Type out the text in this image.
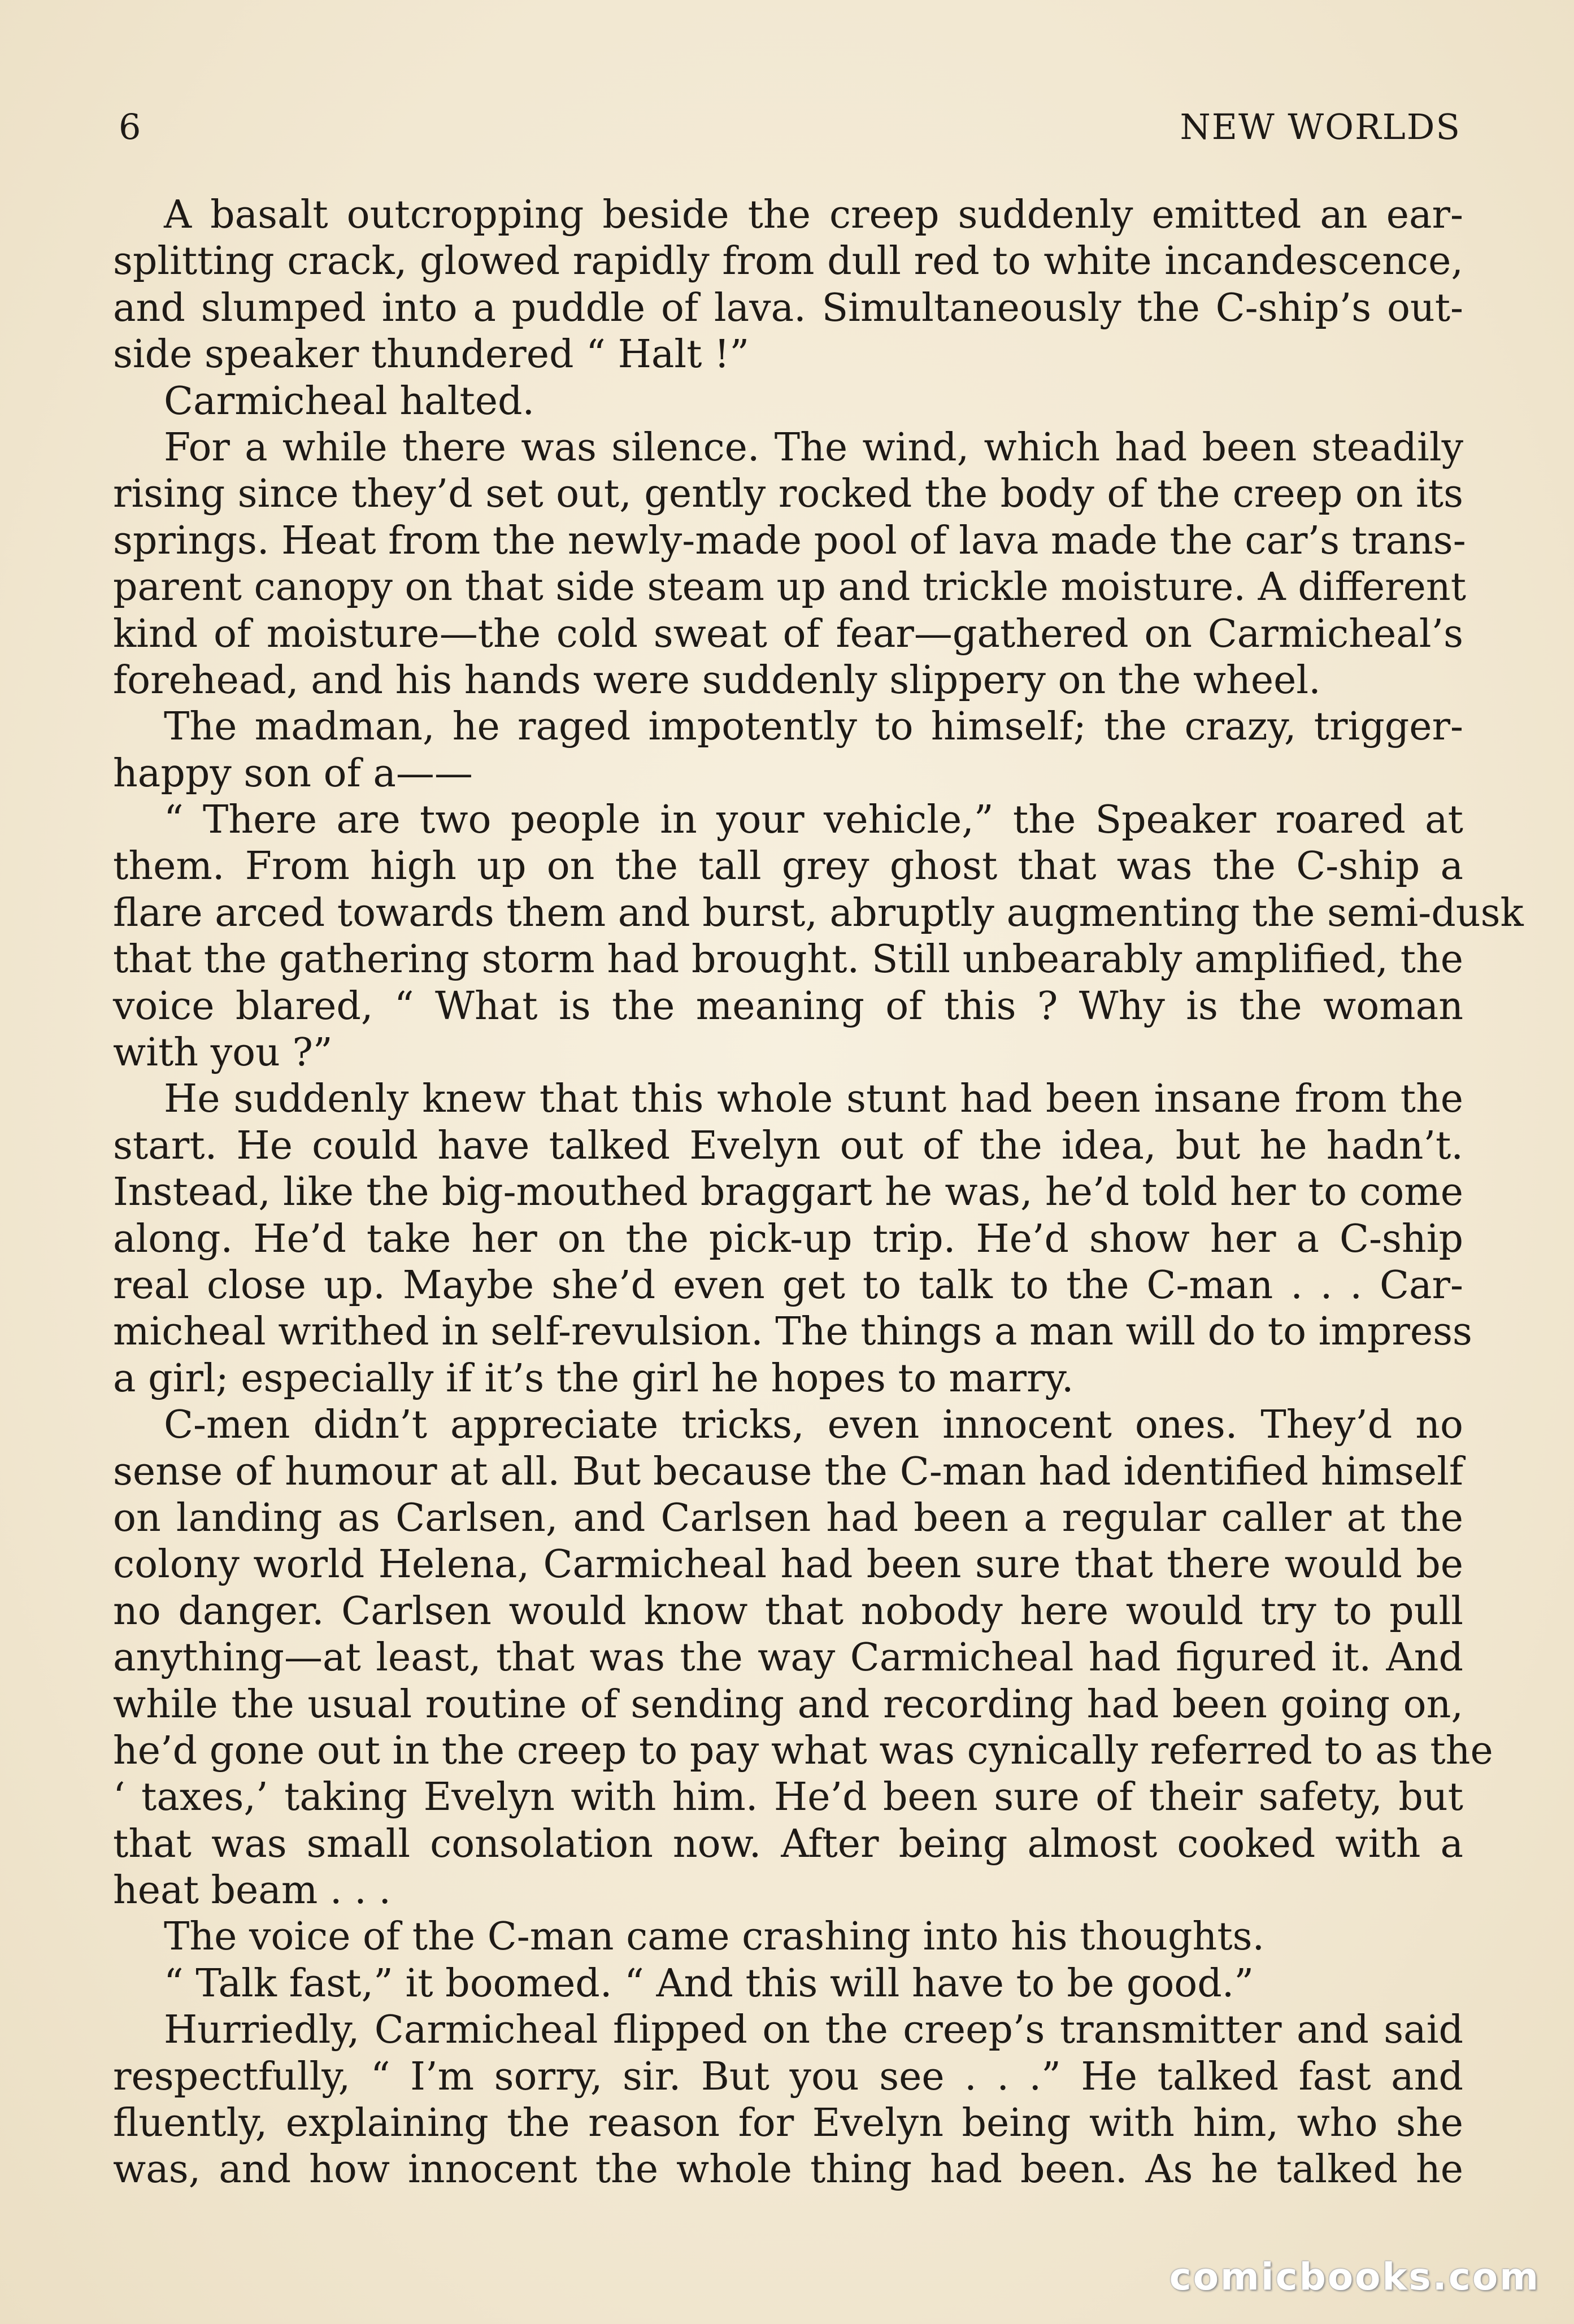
6	NEW WORLDS
A basalt outcropping beside the creep suddenly emitted an ear-
splitting crack, glowed rapidly from dull red to white incandescence,
and slumped into a puddle of lava. Simultaneously the C-ship’s out-
side speaker thundered “ Halt !”
Carmicheal halted.
For a while there was silence. The wind, which had been steadily
rising since they’d set out, gently rocked the body of the creep on its
springs. Heat from the newly-made pool of lava made the car’s trans-
parent canopy on that side steam up and trickle moisture. A different
kind of moisture—the cold sweat of fear—gathered on Carmicheal’s
forehead, and his hands were suddenly slippery on the wheel.
The madman, he raged impotently to himself; the crazy, trigger-
happy son of a——
“ There are two people in your vehicle,” the Speaker roared at
them. From high up on the tall grey ghost that was the C-ship a
flare arced towards them and burst, abruptly augmenting the semi-dusk
that the gathering storm had brought. Still unbearably amplified, the
voice blared, “ What is the meaning of this ? Why is the woman
with you ?”
He suddenly knew that this whole stunt had been insane from the
start. He could have talked Evelyn out of the idea, but he hadn’t.
Instead, like the big-mouthed braggart he was, he’d told her to come
along. He’d take her on the pick-up trip. He’d show her a C-ship
real close up. Maybe she’d even get to talk to the C-man . . . Car-
micheal writhed in self-revulsion. The things a man will do to impress
a girl; especially if it’s the girl he hopes to marry.
C-men didn’t appreciate tricks, even innocent ones. They’d no
sense of humour at all. But because the C-man had identified himself
on landing as Carlsen, and Carlsen had been a regular caller at the
colony world Helena, Carmicheal had been sure that there would be
no danger. Carlsen would know that nobody here would try to pull
anything—at least, that was the way Carmicheal had figured it. And
while the usual routine of sending and recording had been going on,
he’d gone out in the creep to pay what was cynically referred to as the
‘ taxes,’ taking Evelyn with him. He’d been sure of their safety, but
that was small consolation now. After being almost cooked with a
heat beam . . .
The voice of the C-man came crashing into his thoughts.
“ Talk fast,” it boomed. “ And this will have to be good.”
Hurriedly, Carmicheal flipped on the creep’s transmitter and said
respectfully, “ I’m sorry, sir. But you see . . .” He talked fast and
fluently, explaining the reason for Evelyn being with him, who she
was, and how innocent the whole thing had been. As he talked he
comicbooks.com
